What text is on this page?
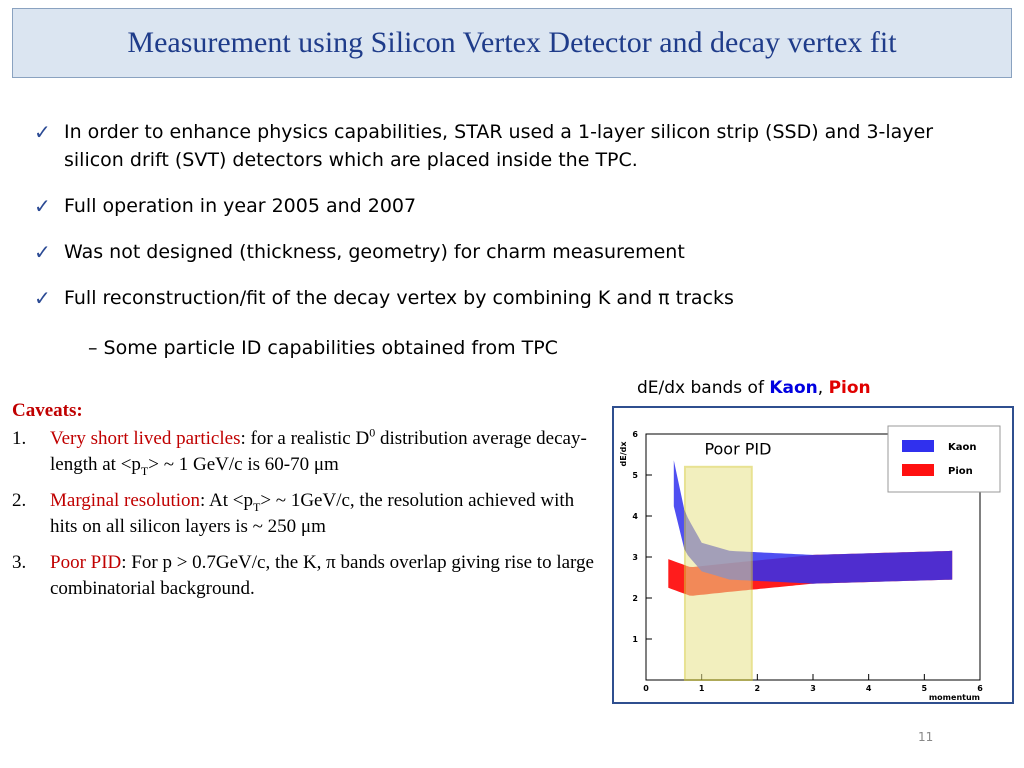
Measurement using Silicon Vertex Detector and decay vertex fit
✓ In order to enhance physics capabilities, STAR used a 1-layer silicon strip (SSD) and 3-layer silicon drift (SVT) detectors which are placed inside the TPC.
✓ Full operation in year 2005 and 2007
✓ Was not designed (thickness, geometry) for charm measurement
✓ Full reconstruction/fit of the decay vertex by combining K and π tracks
– Some particle ID capabilities obtained from TPC
dE/dx bands of Kaon, Pion
Caveats:
1.	Very short lived particles: for a realistic $D^0$ distribution average decay-length at $<p_T>$ ~ 1 GeV/c is 60-70 μm
2.	Marginal resolution: $At <p_T>$ ~ 1GeV/c, the resolution achieved with hits on all silicon layers is ~ 250 μm
3.	Poor PID: For p > 0.7GeV/c, the K, π bands overlap giving rise to large combinatorial background.
1
2
3
4
5
6
0	1	2	3	4	5	6
momentum
dE/dx	Poor PID	Kaon
Pion
11
